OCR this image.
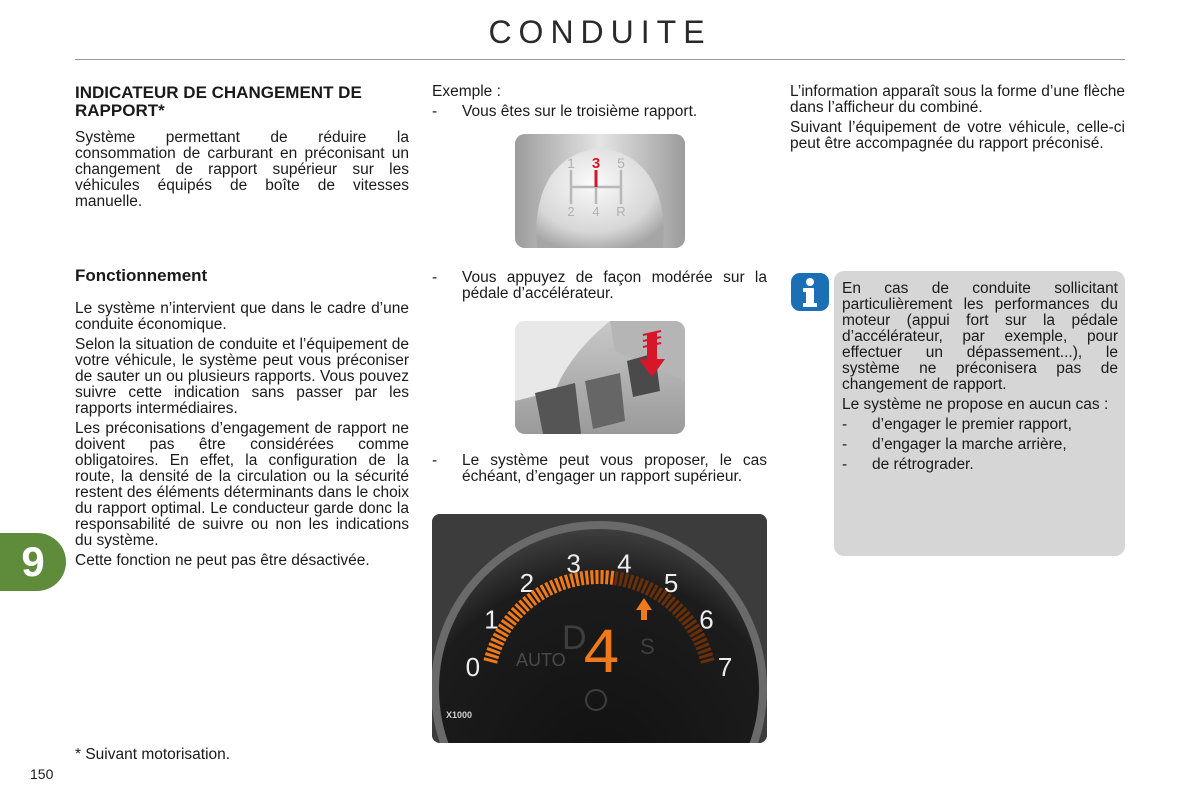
CONDUITE
INDICATEUR DE CHANGEMENT DE RAPPORT*

Système permettant de réduire la consommation de carburant en préconisant un changement de rapport supérieur sur les véhicules équipés de boîte de vitesses manuelle.

Fonctionnement

Le système n’intervient que dans le cadre d’une conduite économique.

Selon la situation de conduite et l’équipement de votre véhicule, le système peut vous préconiser de sauter un ou plusieurs rapports. Vous pouvez suivre cette indication sans passer par les rapports intermédiaires.

Les préconisations d’engagement de rapport ne doivent pas être considérées comme obligatoires. En effet, la configuration de la route, la densité de la circulation ou la sécurité restent des éléments déterminants dans le choix du rapport optimal. Le conducteur garde donc la responsabilité de suivre ou non les indications du système.

Cette fonction ne peut pas être désactivée.

Exemple :

-	Vous êtes sur le troisième rapport.
-	Vous appuyez de façon modérée sur la pédale d’accélérateur.
-	Le système peut vous proposer, le cas échéant, d’engager un rapport supérieur.
1 3 5
2 4 R
0
1
2
3 4
5
6
7
D
AUTO 4 S
X1000

L’information apparaît sous la forme d’une flèche dans l’afficheur du combiné.

Suivant l’équipement de votre véhicule, celle-ci peut être accompagnée du rapport préconisé.

En cas de conduite sollicitant particulièrement les performances du moteur (appui fort sur la pédale d’accélérateur, par exemple, pour effectuer un dépassement...), le système ne préconisera pas de changement de rapport.

Le système ne propose en aucun cas :

-	d’engager le premier rapport,
-	d’engager la marche arrière,
-	de rétrograder.
9
* Suivant motorisation.
150
